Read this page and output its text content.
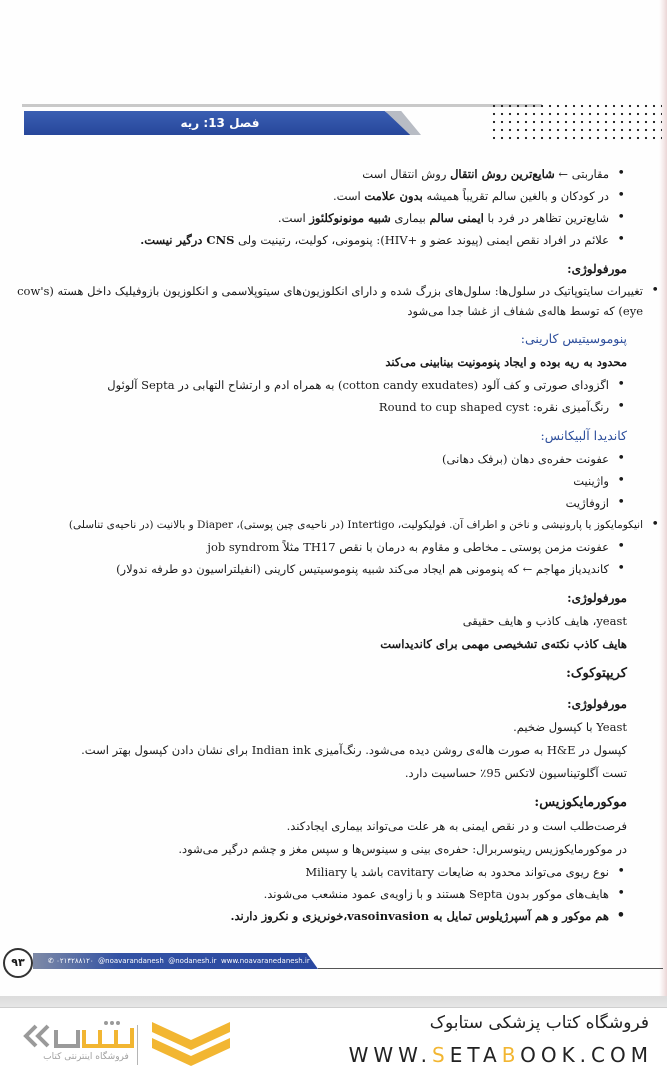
فصل 13: ریه
• مقاربتی ← شایع‌ترین روش انتقال روش انتقال است
• در کودکان و بالغین سالم تقریباً همیشه بدون علامت است.
• شایع‌ترین تظاهر در فرد با ایمنی سالم بیماری شبیه مونونوکلئوز است.
• علائم در افراد نقص ایمنی (پیوند عضو و +HIV): پنومونی، کولیت، رتینیت ولی CNS درگیر نیست.
مورفولوژی:
• تغییرات سایتوپاتیک در سلول‌ها: سلول‌های بزرگ شده و دارای انکلوزیون‌های سیتوپلاسمی و انکلوزیون بازوفیلیک داخل هسته (cow's eye) که توسط هاله‌ی شفاف از غشا جدا می‌شود
پنوموسیتیس کارینی:
محدود به ریه بوده و ایجاد پنومونیت بینابینی می‌کند
• اگزودای صورتی و کف آلود (cotton candy exudates) به همراه ادم و ارتشاح التهابی در Septa آلوئول
• رنگ‌آمیزی نقره: Round to cup shaped cyst
کاندیدا آلبیکانس:
• عفونت حفره‌ی دهان (برفک دهانی)
• واژینیت
• ازوفاژیت
• انیکومایکوز یا پارونیشی و ناخن و اطراف آن. فولیکولیت، Intertigo (در ناحیه‌ی چین پوستی)، Diaper و بالانیت (در ناحیه‌ی تناسلی)
• عفونت مزمن پوستی ـ مخاطی و مقاوم به درمان با نقص TH17 مثلاً job syndrom
• کاندیدیاز مهاجم ← که پنومونی هم ایجاد می‌کند شبیه پنوموسیتیس کارینی (انفیلتراسیون دو طرفه ندولار)
مورفولوژی:
yeast، هایف کاذب و هایف حقیقی
هایف کاذب نکته‌ی تشخیصی مهمی برای کاندیداست
کریپتوکوک:
مورفولوژی:
Yeast با کپسول ضخیم.
کپسول در H&E به صورت هاله‌ی روشن دیده می‌شود. رنگ‌آمیزی Indian ink برای نشان دادن کپسول بهتر است.
تست آگلوتیناسیون لاتکس 95٪ حساسیت دارد.
موکورمایکوزیس:
فرصت‌طلب است و در نقص ایمنی به هر علت می‌تواند بیماری ایجادکند.
در موکورمایکوزیس رینوسربرال: حفره‌ی بینی و سینوس‌ها و سپس مغز و چشم درگیر می‌شود.
• نوع ریوی می‌تواند محدود به ضایعات cavitary باشد یا Miliary
• هایف‌های موکور بدون Septa هستند و با زاویه‌ی عمود منشعب می‌شوند.
• هم موکور و هم آسپرژیلوس تمایل به vasoinvasion،خونریزی و نکروز دارند.
✆ ۰۲۱۴۲۸۸۱۲۰ @noavarandanesh @nodanesh.ir www.noavaranedanesh.ir
۹۳
فروشگاه کتاب پزشکی ستابوک
WWW.SETABOOK.COM
فروشگاه اینترنتی کتاب
